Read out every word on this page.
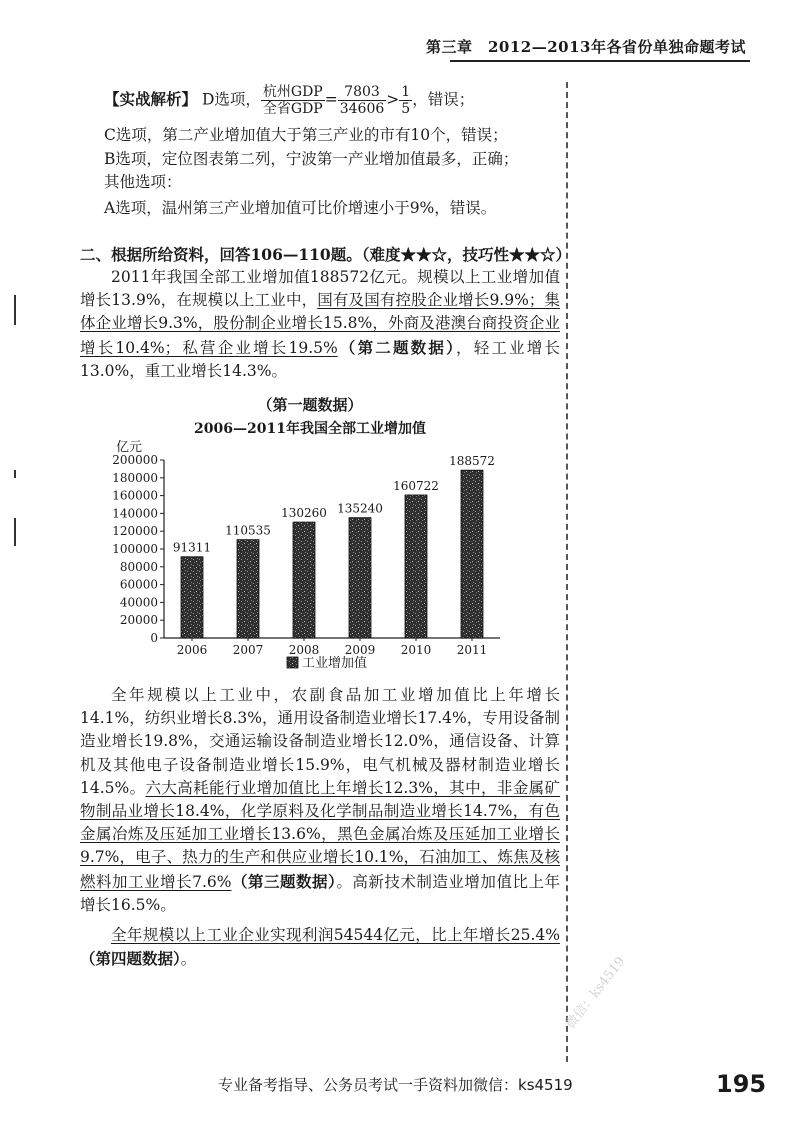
第三章　2012—2013年各省份单独命题考试
【实战解析】 D选项， $\frac{\text{杭州GDP}}{\text{全省GDP}} = \frac{7803}{34606} > \frac{1}{5}$ ，错误；
C选项，第二产业增加值大于第三产业的市有10个，错误；
B选项，定位图表第二列，宁波第一产业增加值最多，正确；
其他选项：
A选项，温州第三产业增加值可比价增速小于9%，错误。
二、根据所给资料，回答106—110题。（难度★★☆，技巧性★★☆）
2011年我国全部工业增加值188572亿元。规模以上工业增加值增长13.9%，在规模以上工业中，国有及国有控股企业增长9.9%；集体企业增长9.3%，股份制企业增长15.8%，外商及港澳台商投资企业增长10.4%；私营企业增长19.5%（第二题数据），轻工业增长13.0%，重工业增长14.3%。
（第一题数据）
2006—2011年我国全部工业增加值
亿元
0
20000
40000
60000
80000
100000
120000
140000
160000
180000
200000
91311
2006
110535
2007
130260
2008
135240
2009
160722
2010
188572
2011
工业增加值
全年规模以上工业中，农副食品加工业增加值比上年增长14.1%，纺织业增长8.3%，通用设备制造业增长17.4%，专用设备制造业增长19.8%，交通运输设备制造业增长12.0%，通信设备、计算机及其他电子设备制造业增长15.9%，电气机械及器材制造业增长14.5%。六大高耗能行业增加值比上年增长12.3%，其中，非金属矿物制品业增长18.4%，化学原料及化学制品制造业增长14.7%，有色金属冶炼及压延加工业增长13.6%，黑色金属冶炼及压延加工业增长9.7%，电子、热力的生产和供应业增长10.1%，石油加工、炼焦及核燃料加工业增长7.6%（第三题数据）。高新技术制造业增加值比上年增长16.5%。
全年规模以上工业企业实现利润54544亿元，比上年增长25.4%（第四题数据）。	微信：ks4519
专业备考指导、公务员考试一手资料加微信：ks4519	195
